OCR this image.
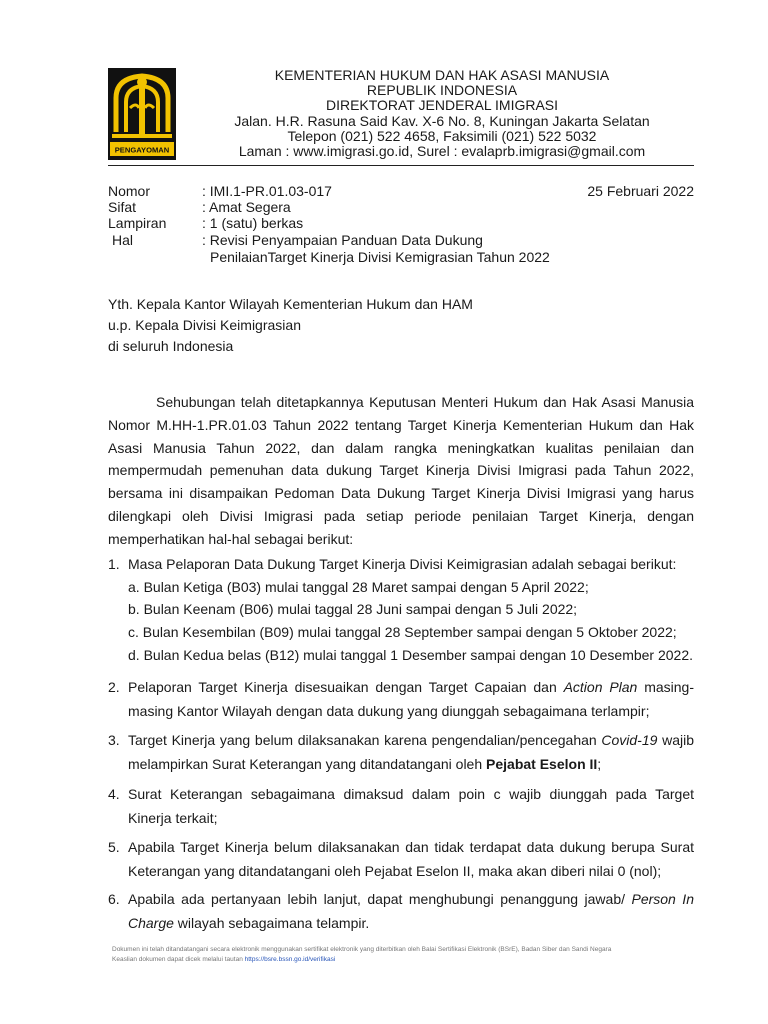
PENGAYOMAN
KEMENTERIAN HUKUM DAN HAK ASASI MANUSIA
REPUBLIK INDONESIA
DIREKTORAT JENDERAL IMIGRASI
Jalan. H.R. Rasuna Said Kav. X-6 No. 8, Kuningan Jakarta Selatan
Telepon (021) 522 4658, Faksimili (021) 522 5032
Laman : www.imigrasi.go.id, Surel : evalaprb.imigrasi@gmail.com
Nomor	: IMI.1-PR.01.03-017	25 Februari 2022
Sifat	: Amat Segera
Lampiran	: 1 (satu) berkas
Hal	: Revisi Penyampaian Panduan Data Dukung
PenilaianTarget Kinerja Divisi Kemigrasian Tahun 2022
Yth. Kepala Kantor Wilayah Kementerian Hukum dan HAM
u.p. Kepala Divisi Keimigrasian
di seluruh Indonesia
Sehubungan telah ditetapkannya Keputusan Menteri Hukum dan Hak Asasi Manusia Nomor M.HH-1.PR.01.03 Tahun 2022 tentang Target Kinerja Kementerian Hukum dan Hak Asasi Manusia Tahun 2022, dan dalam rangka meningkatkan kualitas penilaian dan mempermudah pemenuhan data dukung Target Kinerja Divisi Imigrasi pada Tahun 2022, bersama ini disampaikan Pedoman Data Dukung Target Kinerja Divisi Imigrasi yang harus dilengkapi oleh Divisi Imigrasi pada setiap periode penilaian Target Kinerja, dengan memperhatikan hal-hal sebagai berikut:
1. Masa Pelaporan Data Dukung Target Kinerja Divisi Keimigrasian adalah sebagai berikut:
a. Bulan Ketiga (B03) mulai tanggal 28 Maret sampai dengan 5 April 2022;
b. Bulan Keenam (B06) mulai taggal 28 Juni sampai dengan 5 Juli 2022;
c. Bulan Kesembilan (B09) mulai tanggal 28 September sampai dengan 5 Oktober 2022;
d. Bulan Kedua belas (B12) mulai tanggal 1 Desember sampai dengan 10 Desember 2022.
2. Pelaporan Target Kinerja disesuaikan dengan Target Capaian dan Action Plan masing-masing Kantor Wilayah dengan data dukung yang diunggah sebagaimana terlampir;
3. Target Kinerja yang belum dilaksanakan karena pengendalian/pencegahan Covid-19 wajib melampirkan Surat Keterangan yang ditandatangani oleh Pejabat Eselon II;
4. Surat Keterangan sebagaimana dimaksud dalam poin c wajib diunggah pada Target Kinerja terkait;
5. Apabila Target Kinerja belum dilaksanakan dan tidak terdapat data dukung berupa Surat Keterangan yang ditandatangani oleh Pejabat Eselon II, maka akan diberi nilai 0 (nol);
6. Apabila ada pertanyaan lebih lanjut, dapat menghubungi penanggung jawab/ Person In Charge wilayah sebagaimana telampir.
Dokumen ini telah ditandatangani secara elektronik menggunakan sertifikat elektronik yang diterbitkan oleh Balai Sertifikasi Elektronik (BSrE), Badan Siber dan Sandi Negara
Keaslian dokumen dapat dicek melalui tautan https://bsre.bssn.go.id/verifikasi
